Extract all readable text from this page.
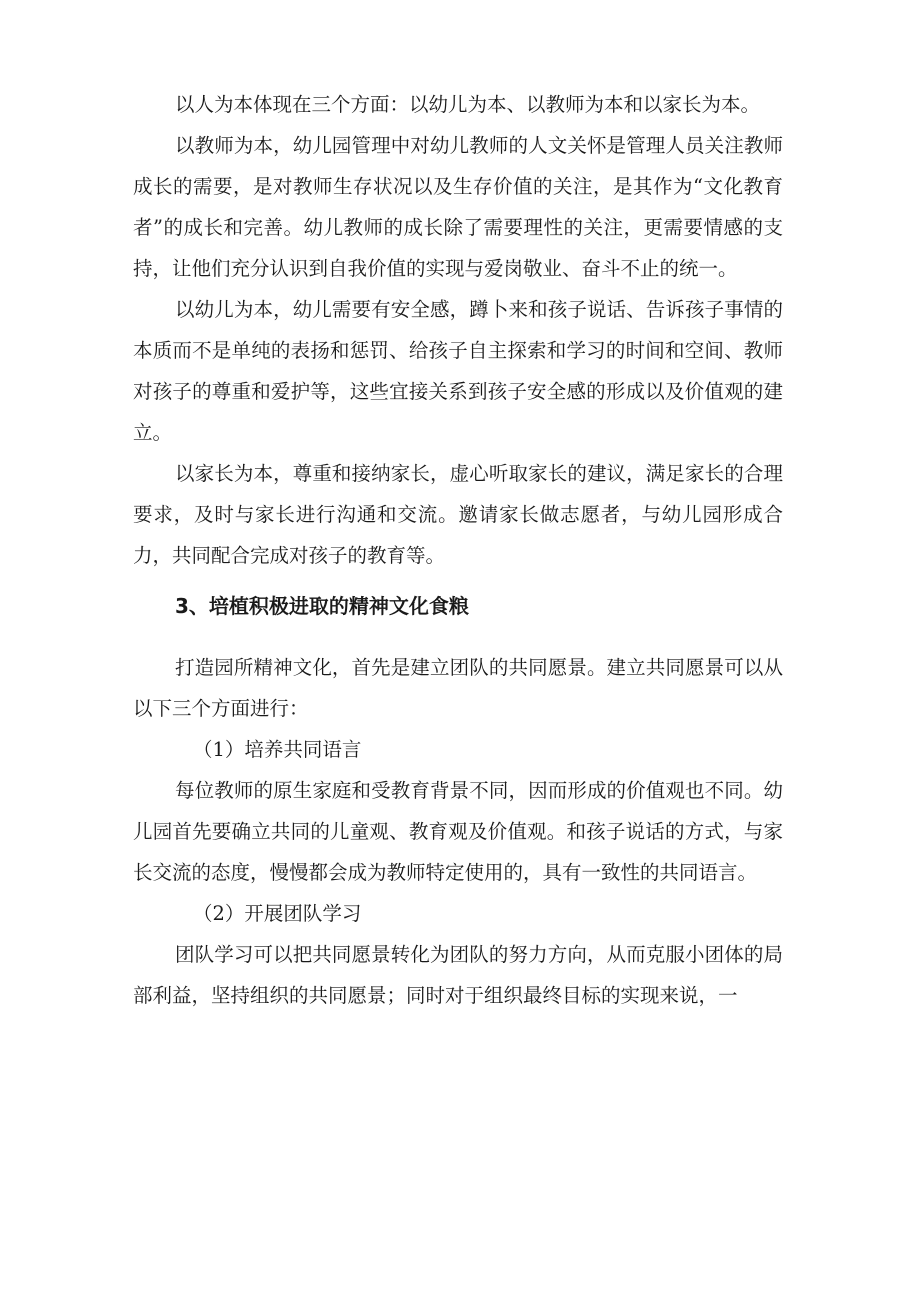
以人为本体现在三个方面：以幼儿为本、以教师为本和以家长为本。

以教师为本，幼儿园管理中对幼儿教师的人文关怀是管理人员关注教师成长的需要，是对教师生存状况以及生存价值的关注，是其作为“文化教育者”的成长和完善。幼儿教师的成长除了需要理性的关注，更需要情感的支持，让他们充分认识到自我价值的实现与爱岗敬业、奋斗不止的统一。

以幼儿为本，幼儿需要有安全感，蹲卜来和孩子说话、告诉孩子事情的本质而不是单纯的表扬和惩罚、给孩子自主探索和学习的时间和空间、教师对孩子的尊重和爱护等，这些宜接关系到孩子安全感的形成以及价值观的建立。

以家长为本，尊重和接纳家长，虚心听取家长的建议，满足家长的合理要求，及时与家长进行沟通和交流。邀请家长做志愿者，与幼儿园形成合力，共同配合完成对孩子的教育等。

3、培植积极进取的精神文化食粮

打造园所精神文化，首先是建立团队的共同愿景。建立共同愿景可以从以下三个方面进行：

（1）培养共同语言

每位教师的原生家庭和受教育背景不同，因而形成的价值观也不同。幼儿园首先要确立共同的儿童观、教育观及价值观。和孩子说话的方式，与家长交流的态度，慢慢都会成为教师特定使用的，具有一致性的共同语言。

（2）开展团队学习

团队学习可以把共同愿景转化为团队的努力方向，从而克服小团体的局部利益，坚持组织的共同愿景；同时对于组织最终目标的实现来说，一
